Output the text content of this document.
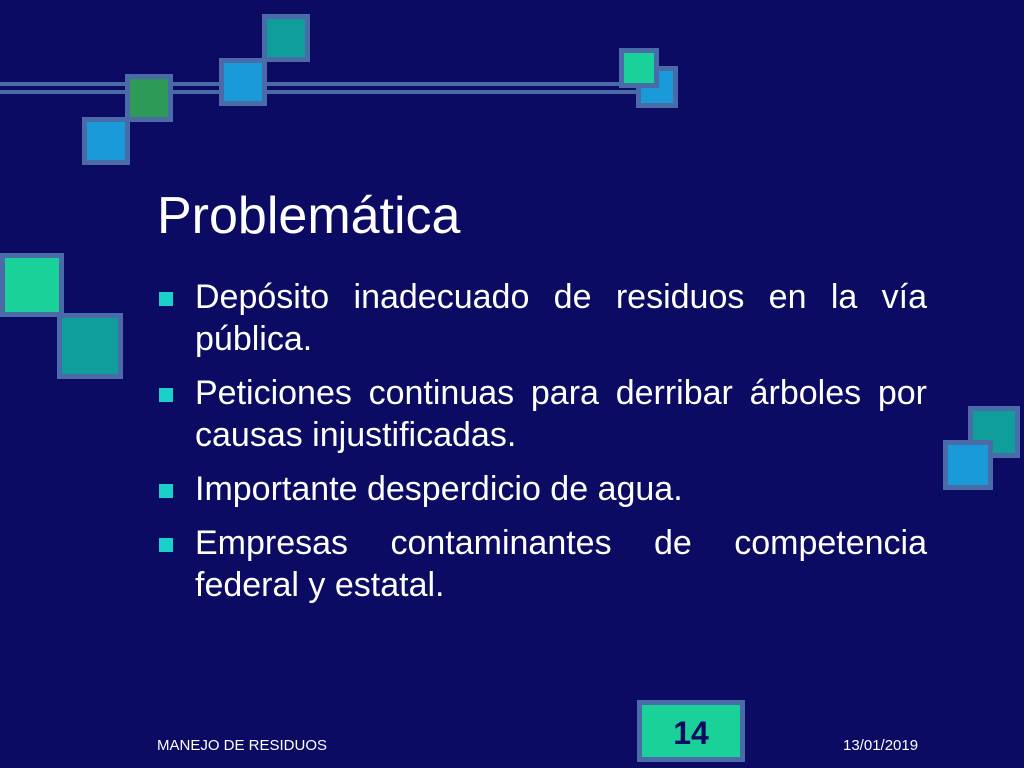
Problemática
Depósito inadecuado de residuos en la vía pública.
Peticiones continuas para derribar árboles por causas injustificadas.
Importante desperdicio de agua.
Empresas contaminantes de competencia federal y estatal.
MANEJO DE RESIDUOS	14	13/01/2019
